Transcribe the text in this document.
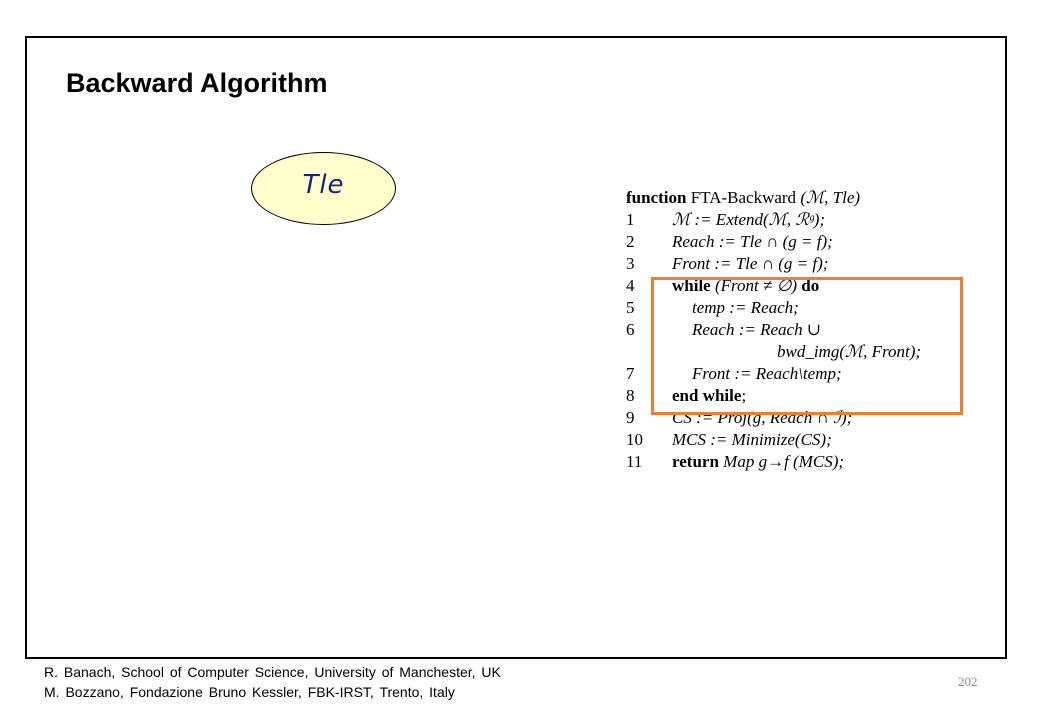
Backward Algorithm
Tle	function FTA-Backward (ℳ, Tle)
1 ℳ := Extend(ℳ, ℛᵍ);
2 Reach := Tle ∩ (g = f);
3 Front := Tle ∩ (g = f);
4 while (Front ≠ ∅) do
5	temp := Reach;
6	Reach := Reach ∪
bwd_img(ℳ, Front);
7	Front := Reach\temp;
8 end while;
9 CS := Proj(g, Reach ∩ ℐ);
10 MCS := Minimize(CS);
11 return Map g→f (MCS);
R. Banach, School of Computer Science, University of Manchester, UK
M. Bozzano, Fondazione Bruno Kessler, FBK-IRST, Trento, Italy
202
